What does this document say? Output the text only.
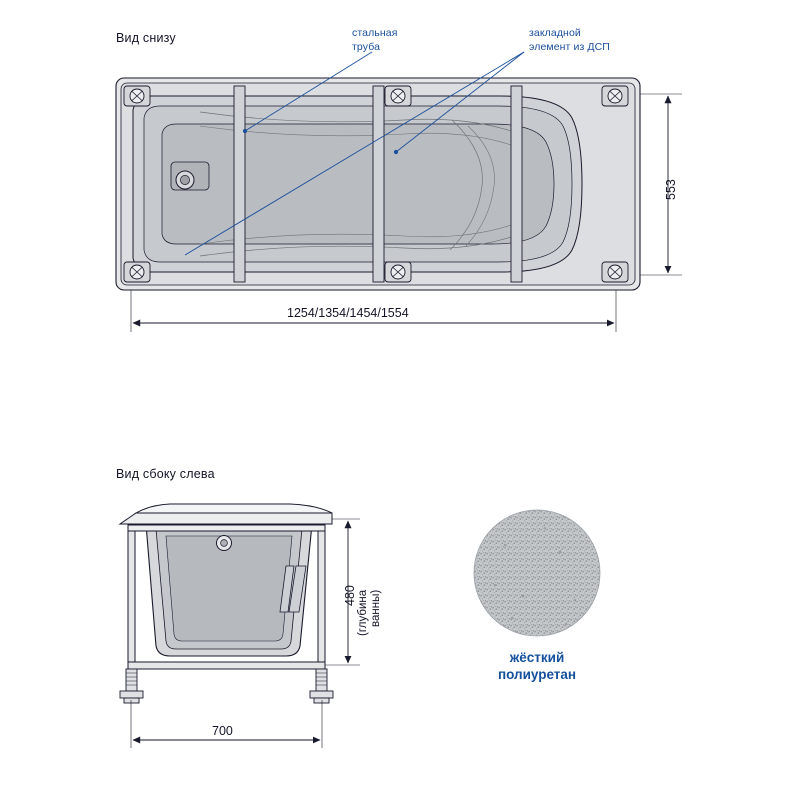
Вид снизу	стальная
труба
закладной
элемент из ДСП
553
1254/1354/1454/1554
Вид сбоку слева
480 (глубина ванны)
700
жёсткий
полиуретан
